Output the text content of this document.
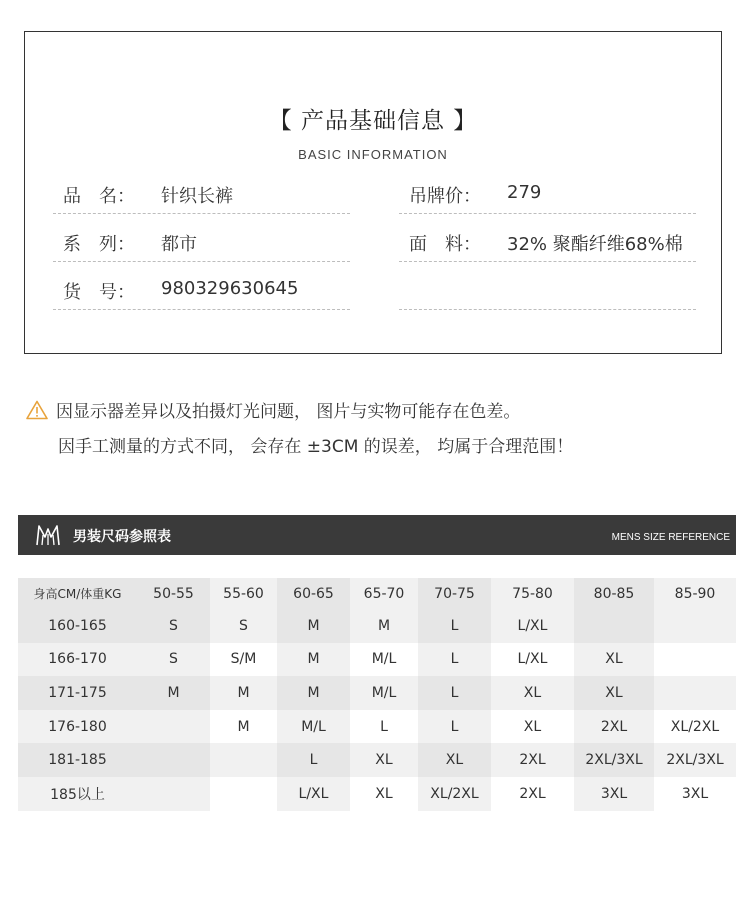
【 产品基础信息 】
BASIC INFORMATION
品　名： 针织长裤	吊牌价： 279
系　列： 都市	面　料： 32% 聚酯纤维68%棉
货　号： 980329630645
因显示器差异以及拍摄灯光问题， 图片与实物可能存在色差。
因手工测量的方式不同， 会存在 ±3CM 的误差， 均属于合理范围！
男装尺码参照表	MENS SIZE REFERENCE
身高CM/体重KG	50-55	55-60	60-65	65-70	70-75	75-80	80-85	85-90
160-165	S	S	M	M	L	L/XL		
166-170	S	S/M	M	M/L	L	L/XL	XL	
171-175	M	M	M	M/L	L	XL	XL	
176-180		M	M/L	L	L	XL	2XL	XL/2XL
181-185			L	XL	XL	2XL	2XL/3XL	2XL/3XL
185以上			L/XL	XL	XL/2XL	2XL	3XL	3XL
